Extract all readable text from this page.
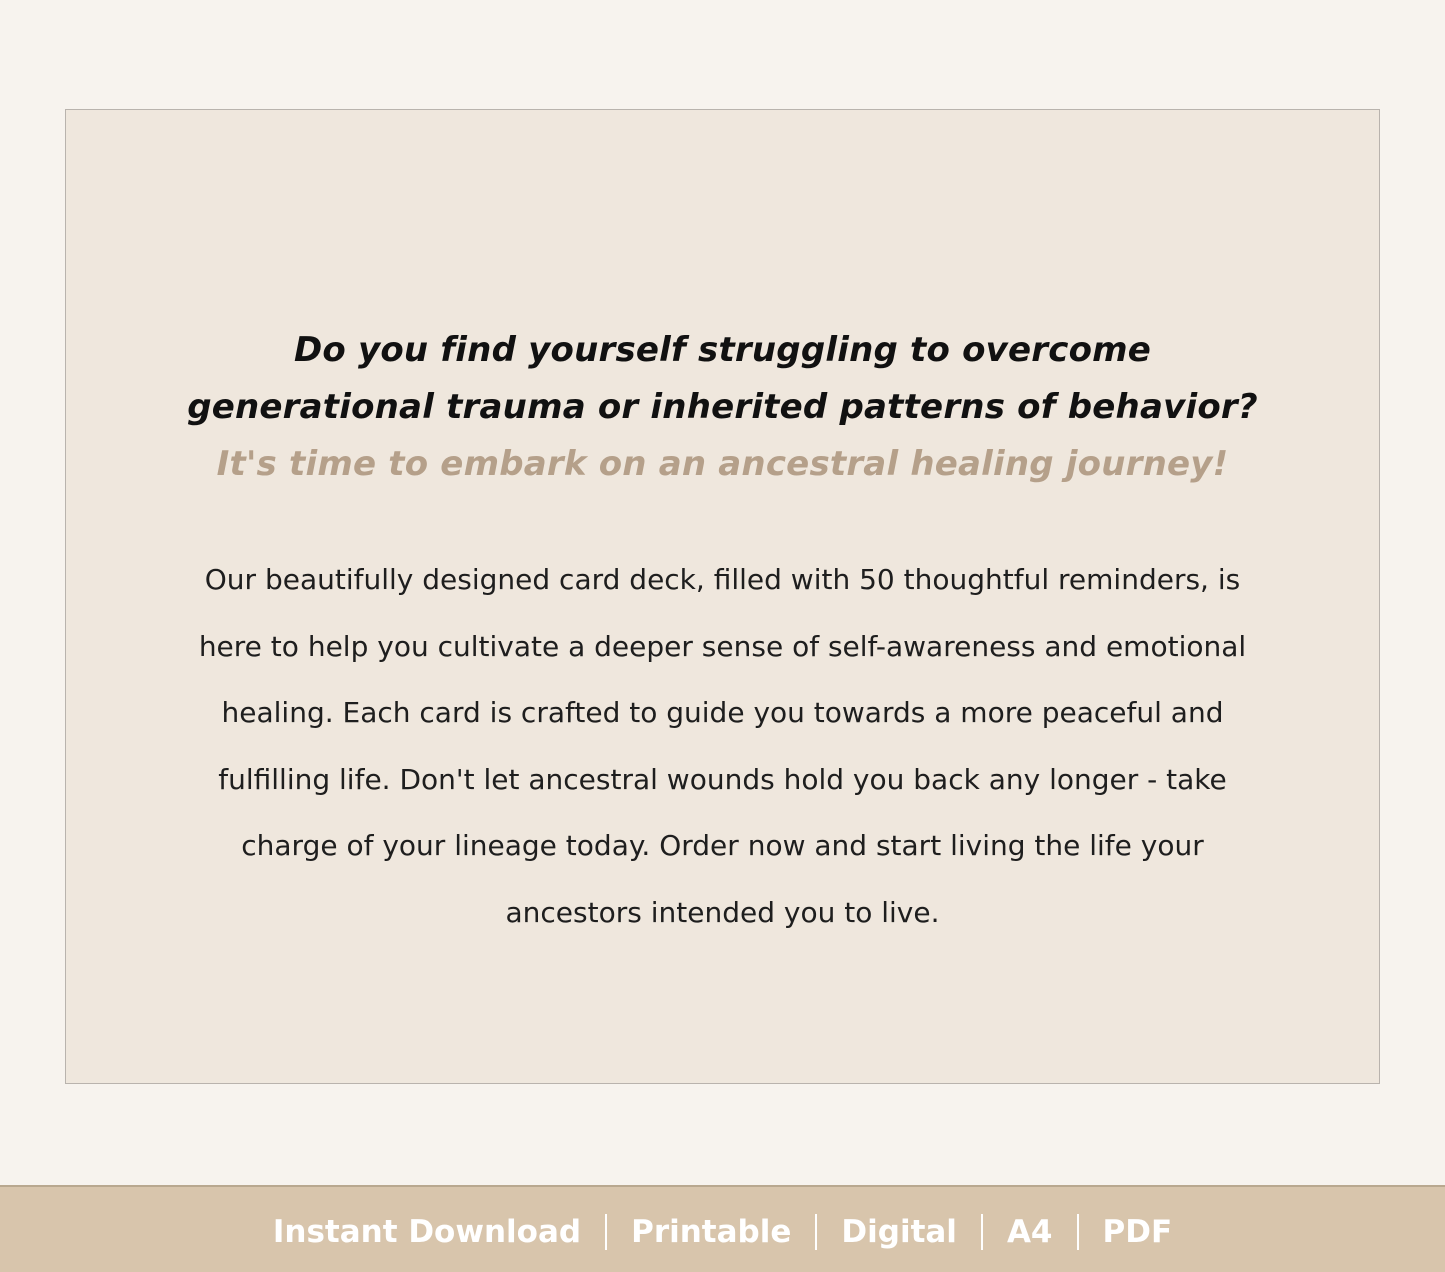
Do you find yourself struggling to overcome
generational trauma or inherited patterns of behavior?
It's time to embark on an ancestral healing journey!
Our beautifully designed card deck, filled with 50 thoughtful reminders, is
here to help you cultivate a deeper sense of self-awareness and emotional
healing. Each card is crafted to guide you towards a more peaceful and
fulfilling life. Don't let ancestral wounds hold you back any longer - take
charge of your lineage today. Order now and start living the life your
ancestors intended you to live.
Instant Download	Printable	Digital	A4	PDF
